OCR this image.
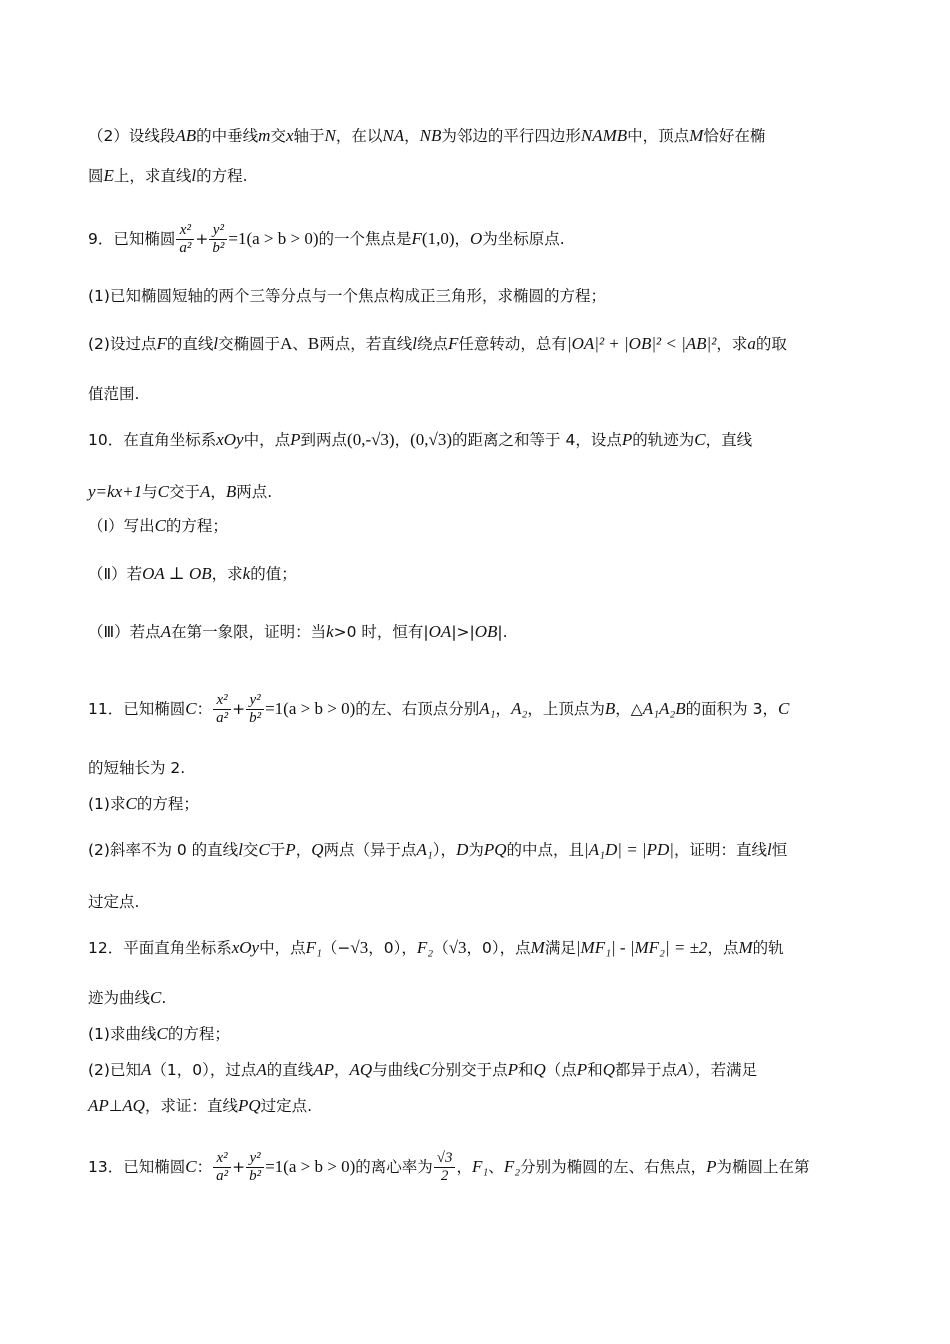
（2）设线段AB的中垂线m交x轴于N，在以NA，NB为邻边的平行四边形NAMB中，顶点M恰好在椭
圆E上，求直线l的方程.
9．已知椭圆 $\frac{\text{x²}}{\text{a²}} + \frac{\text{y²}}{\text{b²}} =1(a > b > 0)$的一个焦点是F(1,0)，O为坐标原点.
(1)已知椭圆短轴的两个三等分点与一个焦点构成正三角形，求椭圆的方程；
(2)设过点F的直线l交椭圆于A、B两点，若直线l绕点F任意转动，总有|OA|² + |OB|² < |AB|²，求a的取
值范围.
10．在直角坐标系xOy中，点P到两点(0,-√3)，(0,√3)的距离之和等于 4，设点P的轨迹为C，直线
y=kx+1与C交于A，B两点.
（Ⅰ）写出C的方程；
（Ⅱ）若OA ⊥ OB，求k的值；
（Ⅲ）若点A在第一象限，证明：当k>0 时，恒有|OA|>|OB|.
11．已知椭圆C： $\frac{\text{x²}}{\text{a²}} + \frac{\text{y²}}{\text{b²}} =1(a > b > 0)$的左、右顶点分别A₁，A₂，上顶点为B，△A₁A₂B的面积为 3，C
的短轴长为 2.
(1)求C的方程；
(2)斜率不为 0 的直线l交C于P，Q两点（异于点A₁），D为PQ的中点，且|A₁D| = |PD|，证明：直线l恒
过定点.
12．平面直角坐标系xOy中，点F₁（−√3，0），F₂（√3，0），点M满足|MF₁| - |MF₂| = ±2，点M的轨
迹为曲线C.
(1)求曲线C的方程；
(2)已知A（1，0），过点A的直线AP，AQ与曲线C分别交于点P和Q（点P和Q都异于点A），若满足
AP⊥AQ，求证：直线PQ过定点.
13．已知椭圆C： $\frac{\text{x²}}{\text{a²}} + \frac{\text{y²}}{\text{b²}} =1(a > b > 0)$的离心率为 $\frac{√3}{2}$ ，F₁、F₂分别为椭圆的左、右焦点，P为椭圆上在第
